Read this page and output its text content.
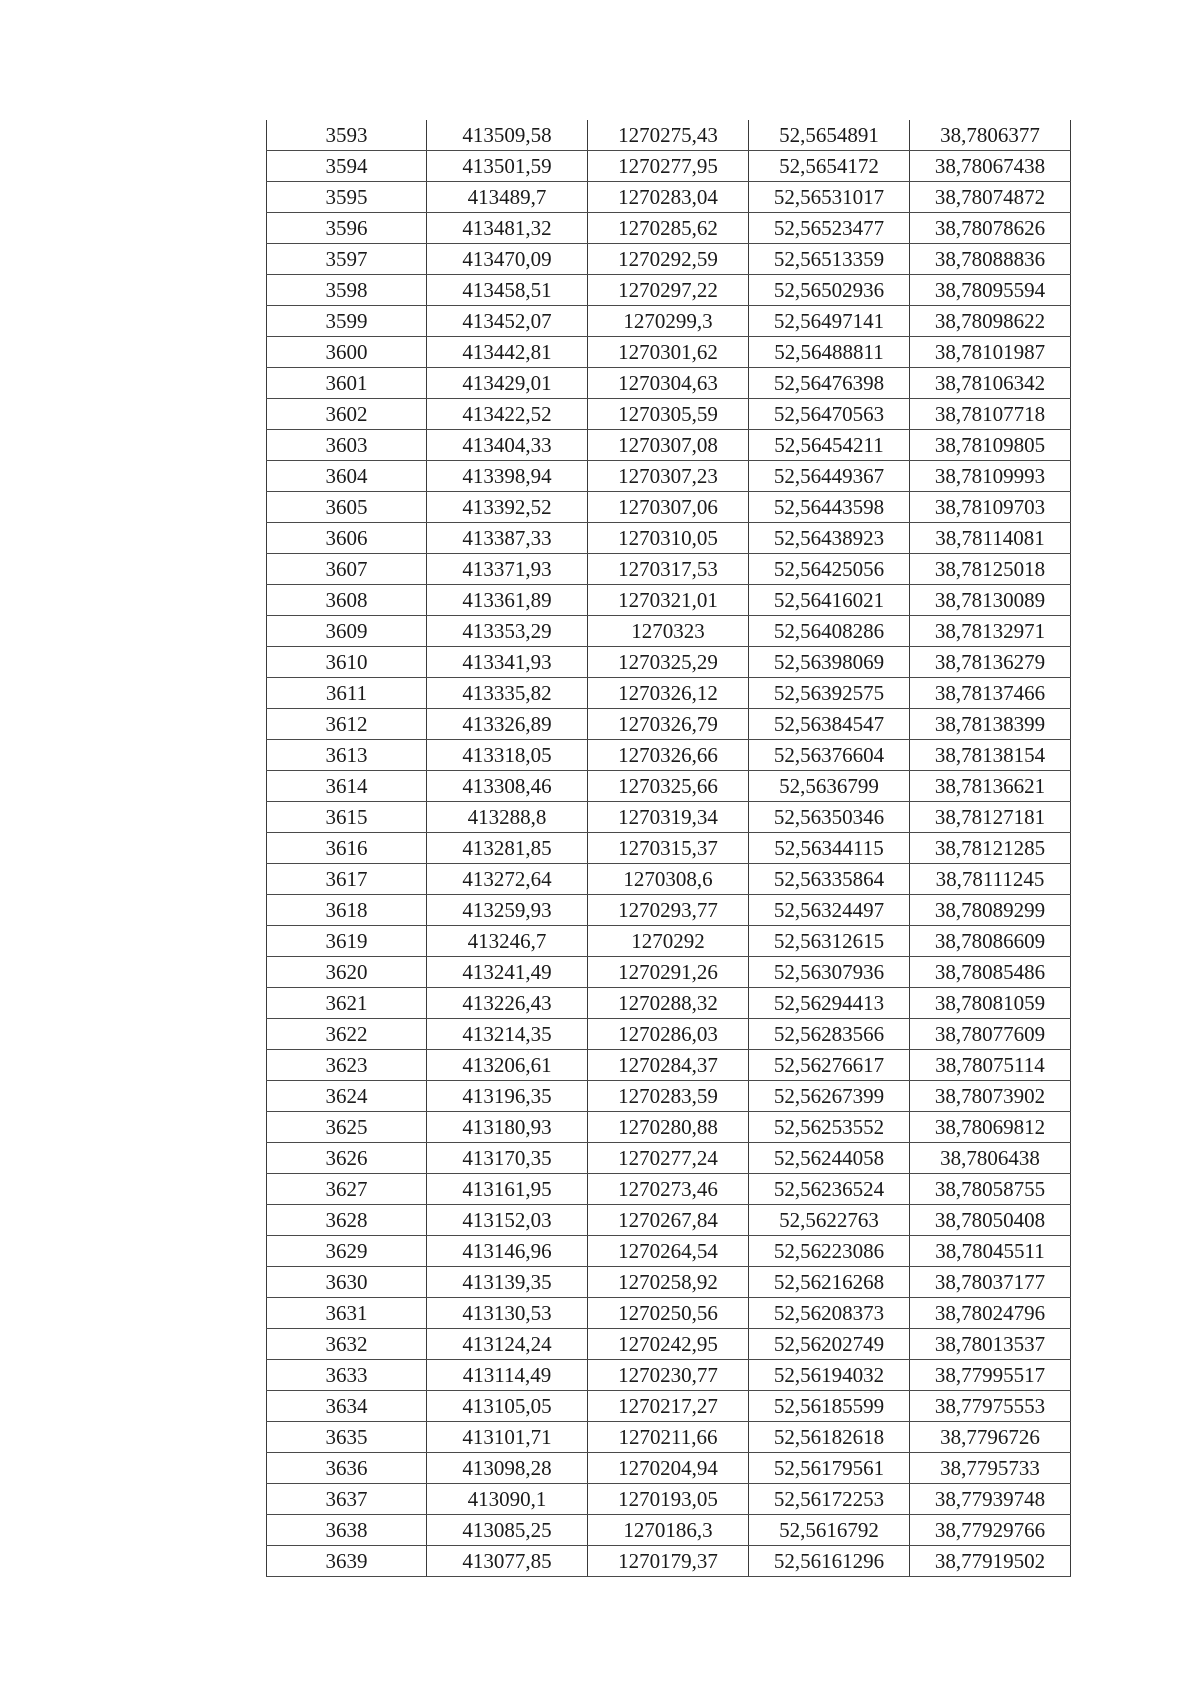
3593	413509,58	1270275,43	52,5654891	38,7806377
3594	413501,59	1270277,95	52,5654172	38,78067438
3595	413489,7	1270283,04	52,56531017	38,78074872
3596	413481,32	1270285,62	52,56523477	38,78078626
3597	413470,09	1270292,59	52,56513359	38,78088836
3598	413458,51	1270297,22	52,56502936	38,78095594
3599	413452,07	1270299,3	52,56497141	38,78098622
3600	413442,81	1270301,62	52,56488811	38,78101987
3601	413429,01	1270304,63	52,56476398	38,78106342
3602	413422,52	1270305,59	52,56470563	38,78107718
3603	413404,33	1270307,08	52,56454211	38,78109805
3604	413398,94	1270307,23	52,56449367	38,78109993
3605	413392,52	1270307,06	52,56443598	38,78109703
3606	413387,33	1270310,05	52,56438923	38,78114081
3607	413371,93	1270317,53	52,56425056	38,78125018
3608	413361,89	1270321,01	52,56416021	38,78130089
3609	413353,29	1270323	52,56408286	38,78132971
3610	413341,93	1270325,29	52,56398069	38,78136279
3611	413335,82	1270326,12	52,56392575	38,78137466
3612	413326,89	1270326,79	52,56384547	38,78138399
3613	413318,05	1270326,66	52,56376604	38,78138154
3614	413308,46	1270325,66	52,5636799	38,78136621
3615	413288,8	1270319,34	52,56350346	38,78127181
3616	413281,85	1270315,37	52,56344115	38,78121285
3617	413272,64	1270308,6	52,56335864	38,78111245
3618	413259,93	1270293,77	52,56324497	38,78089299
3619	413246,7	1270292	52,56312615	38,78086609
3620	413241,49	1270291,26	52,56307936	38,78085486
3621	413226,43	1270288,32	52,56294413	38,78081059
3622	413214,35	1270286,03	52,56283566	38,78077609
3623	413206,61	1270284,37	52,56276617	38,78075114
3624	413196,35	1270283,59	52,56267399	38,78073902
3625	413180,93	1270280,88	52,56253552	38,78069812
3626	413170,35	1270277,24	52,56244058	38,7806438
3627	413161,95	1270273,46	52,56236524	38,78058755
3628	413152,03	1270267,84	52,5622763	38,78050408
3629	413146,96	1270264,54	52,56223086	38,78045511
3630	413139,35	1270258,92	52,56216268	38,78037177
3631	413130,53	1270250,56	52,56208373	38,78024796
3632	413124,24	1270242,95	52,56202749	38,78013537
3633	413114,49	1270230,77	52,56194032	38,77995517
3634	413105,05	1270217,27	52,56185599	38,77975553
3635	413101,71	1270211,66	52,56182618	38,7796726
3636	413098,28	1270204,94	52,56179561	38,7795733
3637	413090,1	1270193,05	52,56172253	38,77939748
3638	413085,25	1270186,3	52,5616792	38,77929766
3639	413077,85	1270179,37	52,56161296	38,77919502
